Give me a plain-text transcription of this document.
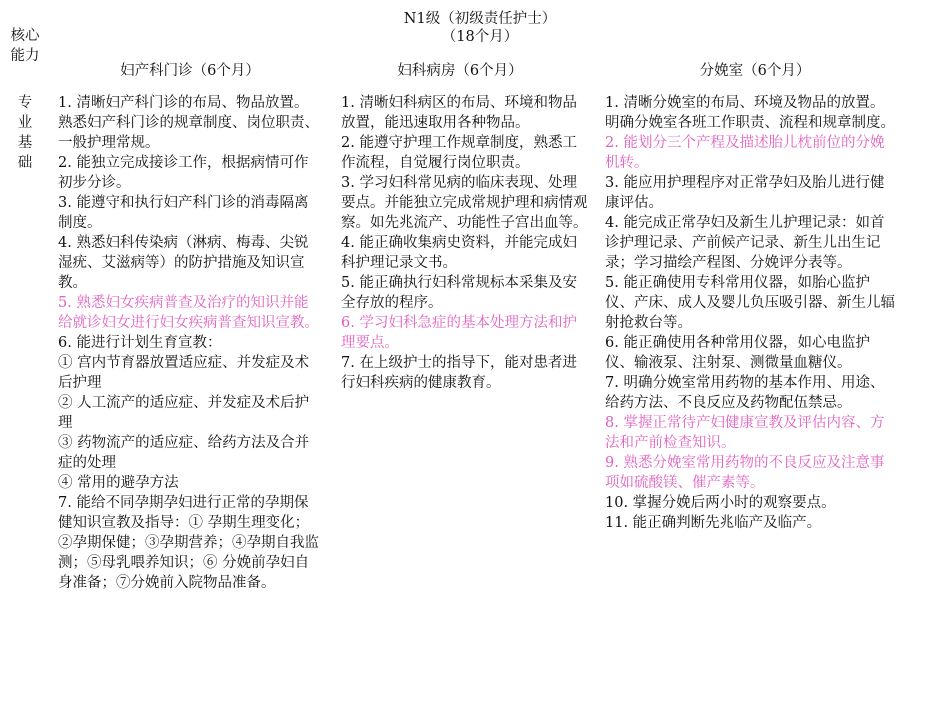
N1级（初级责任护士）
（18个月）
核心
能力
专
业
基
础
妇产科门诊（6个月）	妇科病房（6个月）	分娩室（6个月）
1. 清晰妇产科门诊的布局、物品放置。熟悉妇产科门诊的规章制度、岗位职责、一般护理常规。
2. 能独立完成接诊工作，根据病情可作初步分诊。
3. 能遵守和执行妇产科门诊的消毒隔离制度。
4. 熟悉妇科传染病（淋病、梅毒、尖锐湿疣、艾滋病等）的防护措施及知识宣教。
5. 熟悉妇女疾病普查及治疗的知识并能给就诊妇女进行妇女疾病普查知识宣教。
6. 能进行计划生育宣教：
① 宫内节育器放置适应症、并发症及术后护理
② 人工流产的适应症、并发症及术后护理
③ 药物流产的适应症、给药方法及合并症的处理
④ 常用的避孕方法
7. 能给不同孕期孕妇进行正常的孕期保健知识宣教及指导：① 孕期生理变化；②孕期保健；③孕期营养；④孕期自我监测；⑤母乳喂养知识；⑥ 分娩前孕妇自身准备；⑦分娩前入院物品准备。
1. 清晰妇科病区的布局、环境和物品放置，能迅速取用各种物品。
2. 能遵守护理工作规章制度，熟悉工作流程，自觉履行岗位职责。
3. 学习妇科常见病的临床表现、处理要点。并能独立完成常规护理和病情观察。如先兆流产、功能性子宫出血等。
4. 能正确收集病史资料，并能完成妇科护理记录文书。
5. 能正确执行妇科常规标本采集及安全存放的程序。
6. 学习妇科急症的基本处理方法和护理要点。
7. 在上级护士的指导下，能对患者进行妇科疾病的健康教育。
1. 清晰分娩室的布局、环境及物品的放置。明确分娩室各班工作职责、流程和规章制度。
2. 能划分三个产程及描述胎儿枕前位的分娩机转。
3. 能应用护理程序对正常孕妇及胎儿进行健康评估。
4. 能完成正常孕妇及新生儿护理记录：如首诊护理记录、产前候产记录、新生儿出生记录；学习描绘产程图、分娩评分表等。
5. 能正确使用专科常用仪器，如胎心监护仪、产床、成人及婴儿负压吸引器、新生儿辐射抢救台等。
6. 能正确使用各种常用仪器，如心电监护仪、输液泵、注射泵、测微量血糖仪。
7. 明确分娩室常用药物的基本作用、用途、给药方法、不良反应及药物配伍禁忌。
8. 掌握正常待产妇健康宣教及评估内容、方法和产前检查知识。
9. 熟悉分娩室常用药物的不良反应及注意事项如硫酸镁、催产素等。
10. 掌握分娩后两小时的观察要点。
11. 能正确判断先兆临产及临产。
